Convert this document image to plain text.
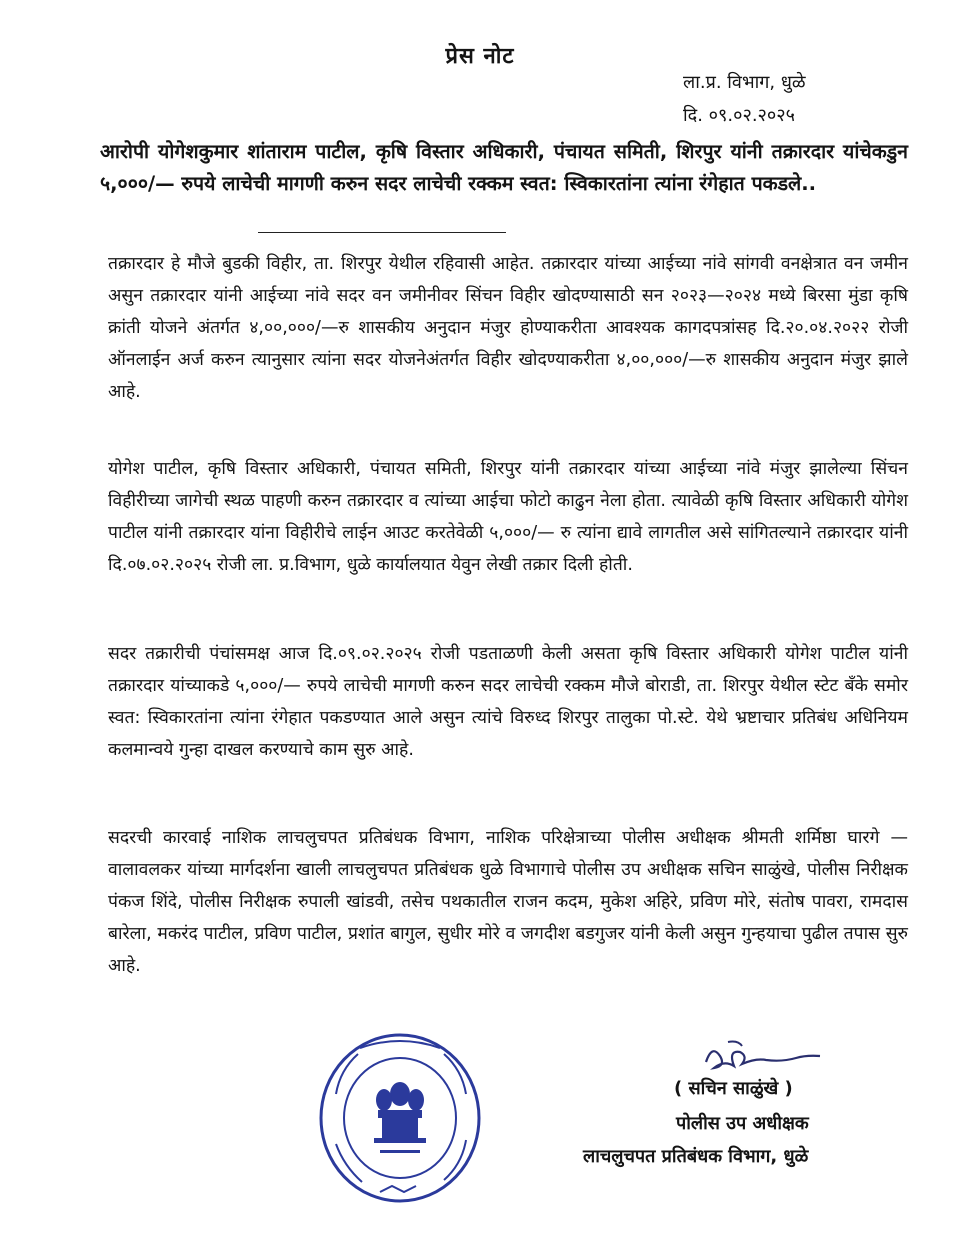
प्रेस नोट
ला.प्र. विभाग, धुळे
दि. ०९.०२.२०२५
आरोपी योगेशकुमार शांताराम पाटील, कृषि विस्तार अधिकारी, पंचायत समिती, शिरपुर यांनी तक्रारदार यांचेकडुन ५,०००/— रुपये लाचेची मागणी करुन सदर लाचेची रक्कम स्वत: स्विकारतांना त्यांना रंगेहात पकडले..
तक्रारदार हे मौजे बुडकी विहीर, ता. शिरपुर येथील रहिवासी आहेत. तक्रारदार यांच्या आईच्या नांवे सांगवी वनक्षेत्रात वन जमीन असुन तक्रारदार यांनी आईच्या नांवे सदर वन जमीनीवर सिंचन विहीर खोदण्यासाठी सन २०२३—२०२४ मध्ये बिरसा मुंडा कृषि क्रांती योजने अंतर्गत ४,००,०००/—रु शासकीय अनुदान मंजुर होण्याकरीता आवश्यक कागदपत्रांसह दि.२०.०४.२०२२ रोजी ऑनलाईन अर्ज करुन त्यानुसार त्यांना सदर योजनेअंतर्गत विहीर खोदण्याकरीता ४,००,०००/—रु शासकीय अनुदान मंजुर झाले आहे.
योगेश पाटील, कृषि विस्तार अधिकारी, पंचायत समिती, शिरपुर यांनी तक्रारदार यांच्या आईच्या नांवे मंजुर झालेल्या सिंचन विहीरीच्या जागेची स्थळ पाहणी करुन तक्रारदार व त्यांच्या आईचा फोटो काढुन नेला होता. त्यावेळी कृषि विस्तार अधिकारी योगेश पाटील यांनी तक्रारदार यांना विहीरीचे लाईन आउट करतेवेळी ५,०००/— रु त्यांना द्यावे लागतील असे सांगितल्याने तक्रारदार यांनी दि.०७.०२.२०२५ रोजी ला. प्र.विभाग, धुळे कार्यालयात येवुन लेखी तक्रार दिली होती.
सदर तक्रारीची पंचांसमक्ष आज दि.०९.०२.२०२५ रोजी पडताळणी केली असता कृषि विस्तार अधिकारी योगेश पाटील यांनी तक्रारदार यांच्याकडे ५,०००/— रुपये लाचेची मागणी करुन सदर लाचेची रक्कम मौजे बोराडी, ता. शिरपुर येथील स्टेट बँके समोर स्वत: स्विकारतांना त्यांना रंगेहात पकडण्यात आले असुन त्यांचे विरुध्द शिरपुर तालुका पो.स्टे. येथे भ्रष्टाचार प्रतिबंध अधिनियम कलमान्वये गुन्हा दाखल करण्याचे काम सुरु आहे.
सदरची कारवाई नाशिक लाचलुचपत प्रतिबंधक विभाग, नाशिक परिक्षेत्राच्या पोलीस अधीक्षक श्रीमती शर्मिष्ठा घारगे — वालावलकर यांच्या मार्गदर्शना खाली लाचलुचपत प्रतिबंधक धुळे विभागाचे पोलीस उप अधीक्षक सचिन साळुंखे, पोलीस निरीक्षक पंकज शिंदे, पोलीस निरीक्षक रुपाली खांडवी, तसेच पथकातील राजन कदम, मुकेश अहिरे, प्रविण मोरे, संतोष पावरा, रामदास बारेला, मकरंद पाटील, प्रविण पाटील, प्रशांत बागुल, सुधीर मोरे व जगदीश बडगुजर यांनी केली असुन गुन्हयाचा पुढील तपास सुरु आहे.
( सचिन साळुंखे )
पोलीस उप अधीक्षक
लाचलुचपत प्रतिबंधक विभाग, धुळे
